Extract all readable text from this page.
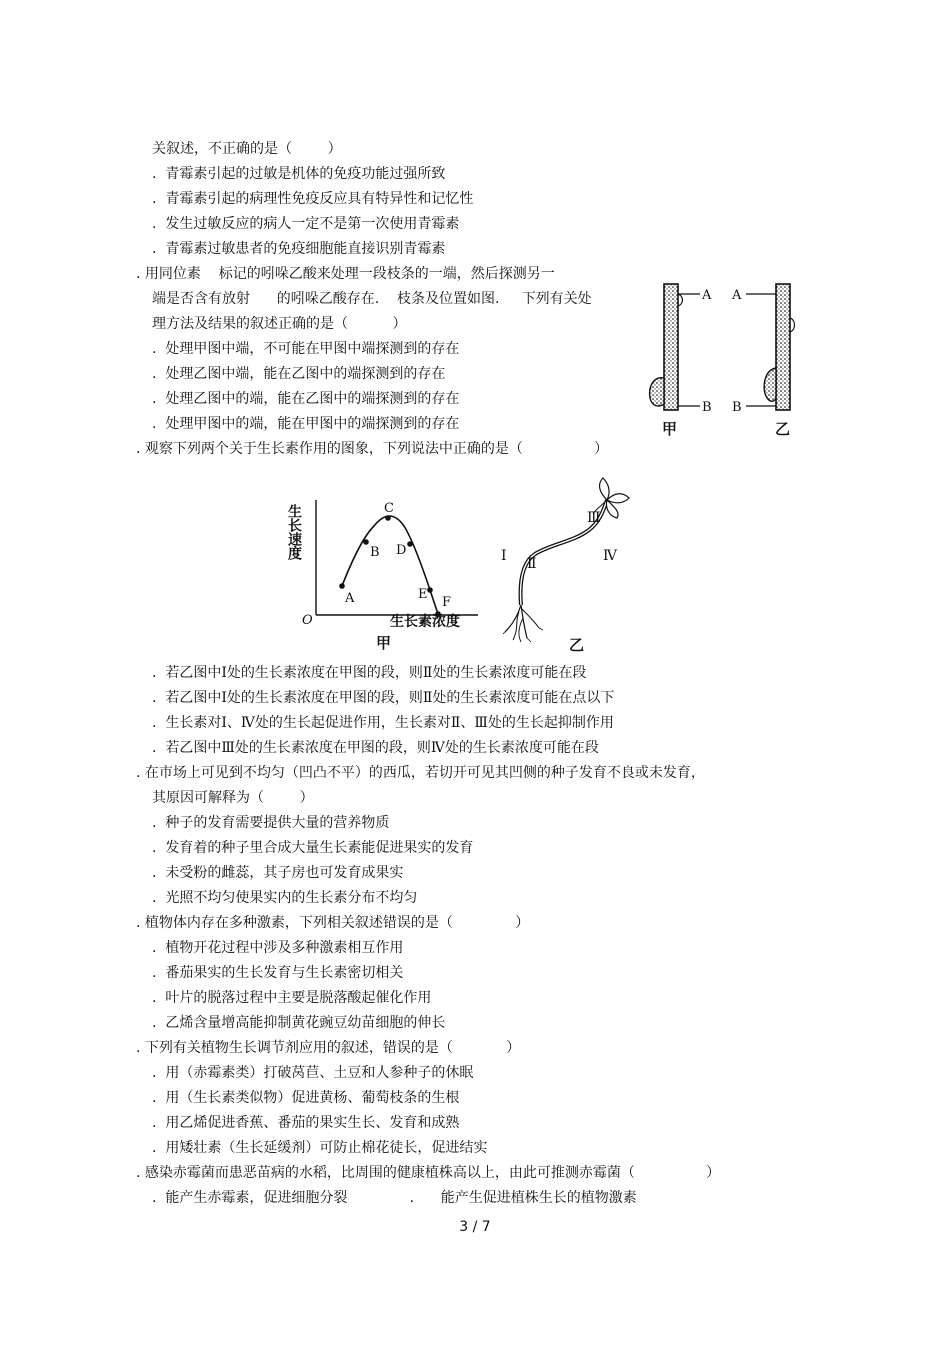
关叙述，不正确的是（        ）
.  青霉素引起的过敏是机体的免疫功能过强所致
.  青霉素引起的病理性免疫反应具有特异性和记忆性
.  发生过敏反应的病人一定不是第一次使用青霉素
.  青霉素过敏患者的免疫细胞能直接识别青霉素
. 用同位素    标记的吲哚乙酸来处理一段枝条的一端，然后探测另一
端是否含有放射      的吲哚乙酸存在.    枝条及位置如图.     下列有关处
理方法及结果的叙述正确的是（          ）
.  处理甲图中端，不可能在甲图中端探测到的存在
.  处理乙图中端，能在乙图中的端探测到的存在
.  处理乙图中的端，能在乙图中的端探测到的存在
.  处理甲图中的端，能在甲图中的端探测到的存在
. 观察下列两个关于生长素作用的图象，下列说法中正确的是（                ）
.  若乙图中Ⅰ处的生长素浓度在甲图的段，则Ⅱ处的生长素浓度可能在段
.  若乙图中Ⅰ处的生长素浓度在甲图的段，则Ⅱ处的生长素浓度可能在点以下
.  生长素对Ⅰ、Ⅳ处的生长起促进作用，生长素对Ⅱ、Ⅲ处的生长起抑制作用
.  若乙图中Ⅲ处的生长素浓度在甲图的段，则Ⅳ处的生长素浓度可能在段
. 在市场上可见到不均匀（凹凸不平）的西瓜，若切开可见其凹侧的种子发育不良或未发育，
其原因可解释为（        ）
.  种子的发育需要提供大量的营养物质
.  发育着的种子里合成大量生长素能促进果实的发育
.  未受粉的雌蕊，其子房也可发育成果实
.  光照不均匀使果实内的生长素分布不均匀
. 植物体内存在多种激素，下列相关叙述错误的是（              ）
.  植物开花过程中涉及多种激素相互作用
.  番茄果实的生长发育与生长素密切相关
.  叶片的脱落过程中主要是脱落酸起催化作用
.  乙烯含量增高能抑制黄花豌豆幼苗细胞的伸长
. 下列有关植物生长调节剂应用的叙述，错误的是（            ）
.  用（赤霉素类）打破莴苣、土豆和人参种子的休眠
.  用（生长素类似物）促进黄杨、葡萄枝条的生根
.  用乙烯促进香蕉、番茄的果实生长、发育和成熟
.  用矮壮素（生长延缓剂）可防止棉花徒长，促进结实
. 感染赤霉菌而患恶苗病的水稻，比周围的健康植株高以上，由此可推测赤霉菌（                ）
.  能产生赤霉素，促进细胞分裂              .      能产生促进植株生长的植物激素
A
B
甲
A
B
乙
A
B
C
D
E
F
O
生长速度
生长素浓度
甲
Ⅰ Ⅱ
Ⅲ
Ⅳ
乙
3 / 7
